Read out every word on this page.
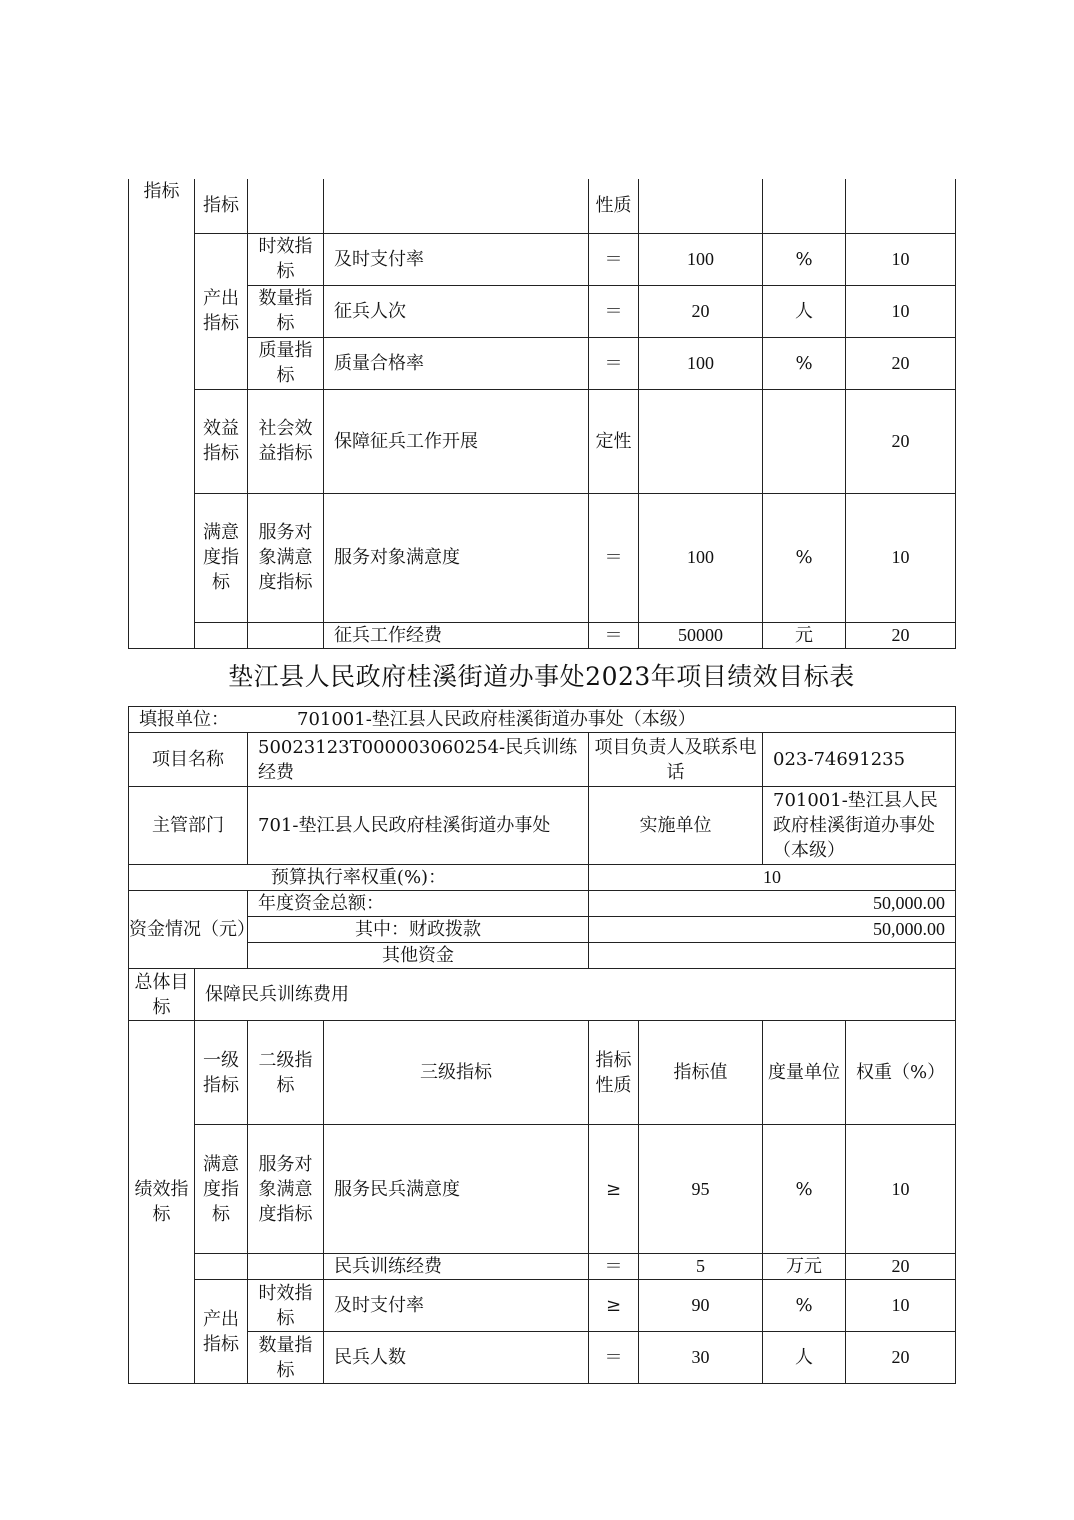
指标	指标			性质			
	产出指标	时效指标	及时支付率	＝	100	%	10
		数量指标	征兵人次	＝	20	人	10
		质量指标	质量合格率	＝	100	%	20
	效益指标	社会效益指标	保障征兵工作开展	定性			20
	满意度指标	服务对象满意度指标	服务对象满意度	＝	100	%	10
			征兵工作经费	＝	50000	元	20
垫江县人民政府桂溪街道办事处2023年项目绩效目标表
填报单位： 701001-垫江县人民政府桂溪街道办事处（本级）							
项目名称		50023123T000003060254-民兵训练经费		项目负责人及联系电话		023-74691235	
主管部门		701-垫江县人民政府桂溪街道办事处		实施单位		701001-垫江县人民政府桂溪街道办事处（本级）	
预算执行率权重(%)：				10			
资金情况（元）		年度资金总额：		50,000.00			
		其中：财政拨款		50,000.00			
		其他资金					
总体目标	保障民兵训练费用						
绩效指标	一级指标	二级指标	三级指标	指标性质	指标值	度量单位	权重（%）
	满意度指标	服务对象满意度指标	服务民兵满意度	≥	95	%	10
			民兵训练经费	＝	5	万元	20
	产出指标	时效指标	及时支付率	≥	90	%	10
		数量指标	民兵人数	＝	30	人	20
